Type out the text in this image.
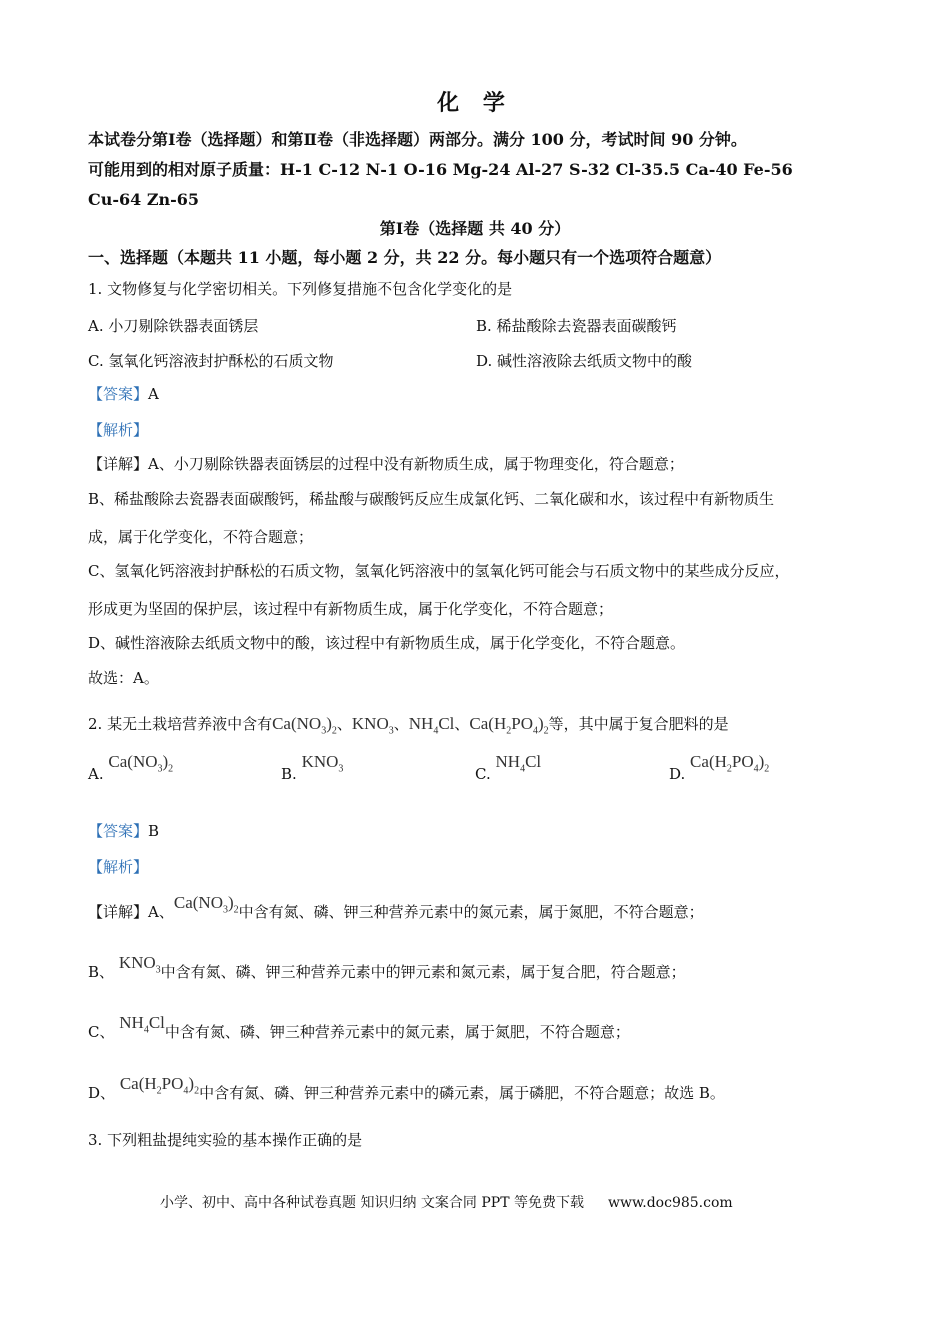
化 学
本试卷分第Ⅰ卷（选择题）和第Ⅱ卷（非选择题）两部分。满分 100 分，考试时间 90 分钟。
可能用到的相对原子质量：H-1 C-12 N-1 O-16 Mg-24 Al-27 S-32 Cl-35.5 Ca-40 Fe-56
Cu-64 Zn-65
第Ⅰ卷（选择题 共 40 分）
一、选择题（本题共 11 小题，每小题 2 分，共 22 分。每小题只有一个选项符合题意）
1. 文物修复与化学密切相关。下列修复措施不包含化学变化的是
A. 小刀剔除铁器表面锈层	B. 稀盐酸除去瓷器表面碳酸钙
C. 氢氧化钙溶液封护酥松的石质文物	D. 碱性溶液除去纸质文物中的酸
【答案】A
【解析】
【详解】A、小刀剔除铁器表面锈层的过程中没有新物质生成，属于物理变化，符合题意；
B、稀盐酸除去瓷器表面碳酸钙，稀盐酸与碳酸钙反应生成氯化钙、二氧化碳和水，该过程中有新物质生
成，属于化学变化，不符合题意；
C、氢氧化钙溶液封护酥松的石质文物，氢氧化钙溶液中的氢氧化钙可能会与石质文物中的某些成分反应，
形成更为坚固的保护层，该过程中有新物质生成，属于化学变化，不符合题意；
D、碱性溶液除去纸质文物中的酸，该过程中有新物质生成，属于化学变化，不符合题意。
故选：A。
2. 某无土栽培营养液中含有$Ca(NO_3)_2$、$KNO_3$、$NH_4Cl$、$Ca(H_2PO_4)_2$等，其中属于复合肥料的是
A. $Ca(NO_3)_2$	B. $KNO_3$	C. $NH_4Cl$
D. $Ca(H_2PO_4)_2$
【答案】B
【解析】
【详解】A、$Ca(NO_3)_2$中含有氮、磷、钾三种营养元素中的氮元素，属于氮肥，不符合题意；
B、 $KNO_3$中含有氮、磷、钾三种营养元素中的钾元素和氮元素，属于复合肥，符合题意；
C、 $NH_4Cl$中含有氮、磷、钾三种营养元素中的氮元素，属于氮肥，不符合题意；
D、 $Ca(H_2PO_4)_2$中含有氮、磷、钾三种营养元素中的磷元素，属于磷肥，不符合题意；故选 B。
3. 下列粗盐提纯实验的基本操作正确的是
小学、初中、高中各种试卷真题 知识归纳 文案合同 PPT 等免费下载 www.doc985.com
